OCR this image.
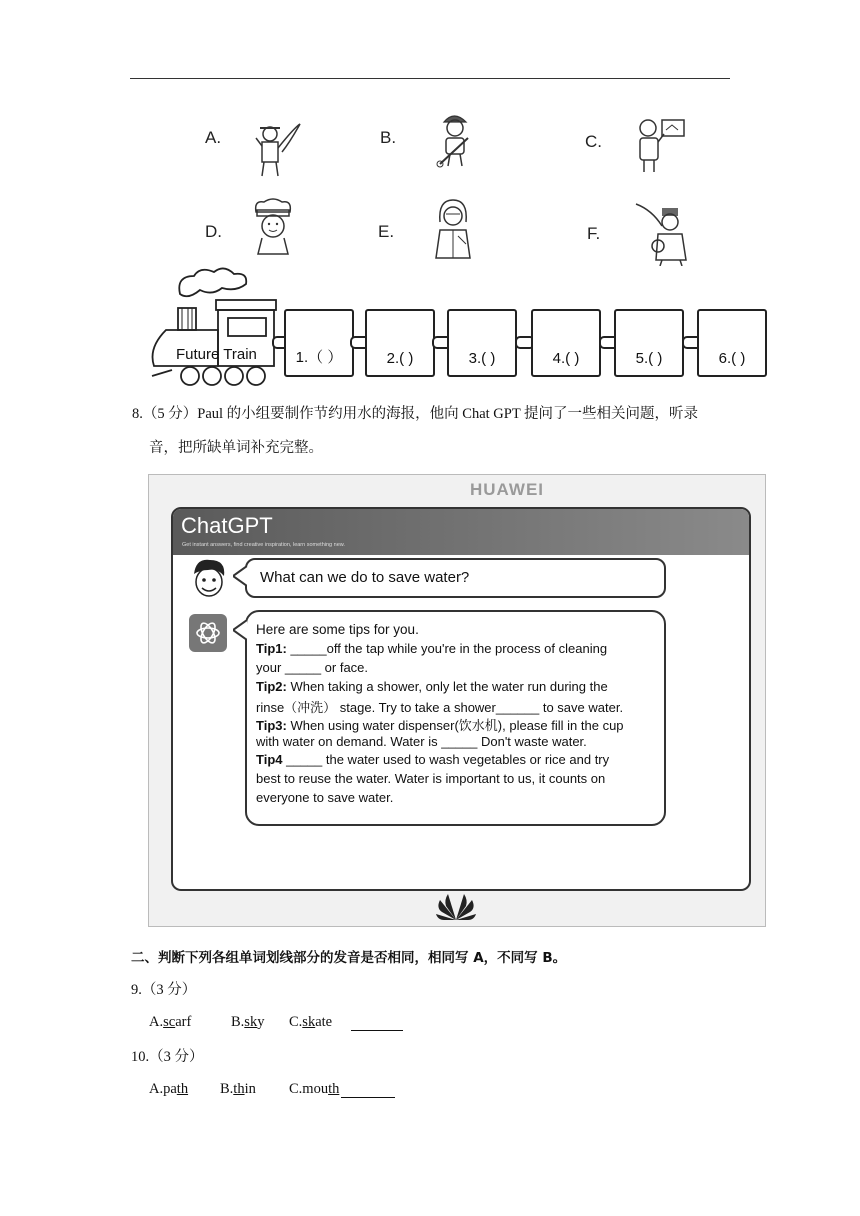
A.	B.	C.
D.	E.	F.
Future Train	1.（ ）	2.( )	3.( )	4.( )	5.( )	6.( )
8.（5 分）Paul 的小组要制作节约用水的海报，他向 Chat GPT 提问了一些相关问题，听录
音，把所缺单词补充完整。
HUAWEI
ChatGPT
Get instant answers, find creative inspiration, learn something new.
What can we do to save water?
Here are some tips for you.
Tip1: _____off the tap while you're in the process of cleaning
your _____ or face.
Tip2: When taking a shower, only let the water run during the
rinse（冲洗） stage. Try to take a shower______ to save water.
Tip3: When using water dispenser(饮水机), please fill in the cup
with water on demand. Water is _____ Don't waste water.
Tip4 _____ the water used to wash vegetables or rice and try
best to reuse the water. Water is important to us, it counts on
everyone to save water.
二、判断下列各组单词划线部分的发音是否相同，相同写 A，不同写 B。
9.（3 分）
A.scarf	B.sky C.skate
10.（3 分）
A.path B.thin C.mouth
